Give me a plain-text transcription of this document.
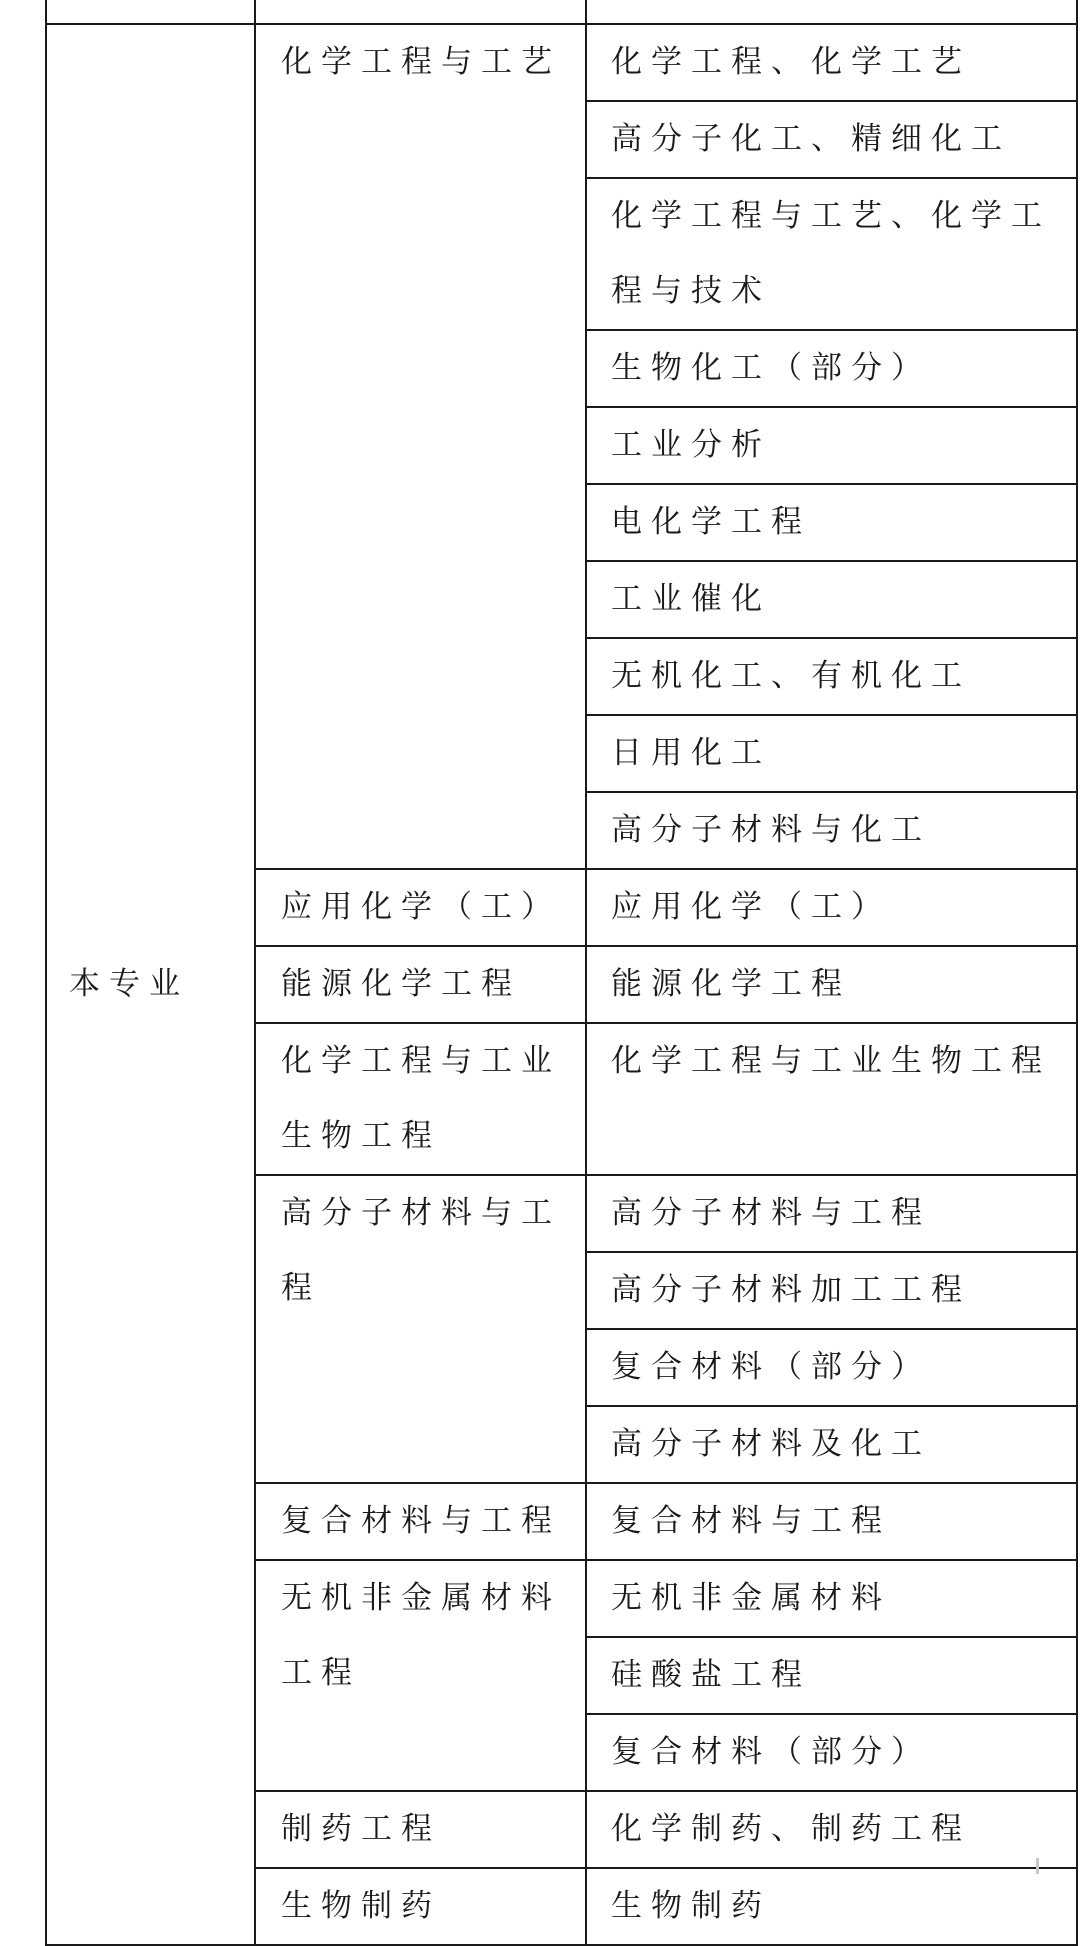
本专业	化学工程与工艺	化学工程、化学工艺
		高分子化工、精细化工
		化学工程与工艺、化学工程与技术
		生物化工（部分）
		工业分析
		电化学工程
		工业催化
		无机化工、有机化工
		日用化工
		高分子材料与化工
	应用化学（工）	应用化学（工）
	能源化学工程	能源化学工程
	化学工程与工业生物工程	化学工程与工业生物工程
	高分子材料与工程	高分子材料与工程
		高分子材料加工工程
		复合材料（部分）
		高分子材料及化工
	复合材料与工程	复合材料与工程
	无机非金属材料工程	无机非金属材料
		硅酸盐工程
		复合材料（部分）
	制药工程	化学制药、制药工程
	生物制药	生物制药
